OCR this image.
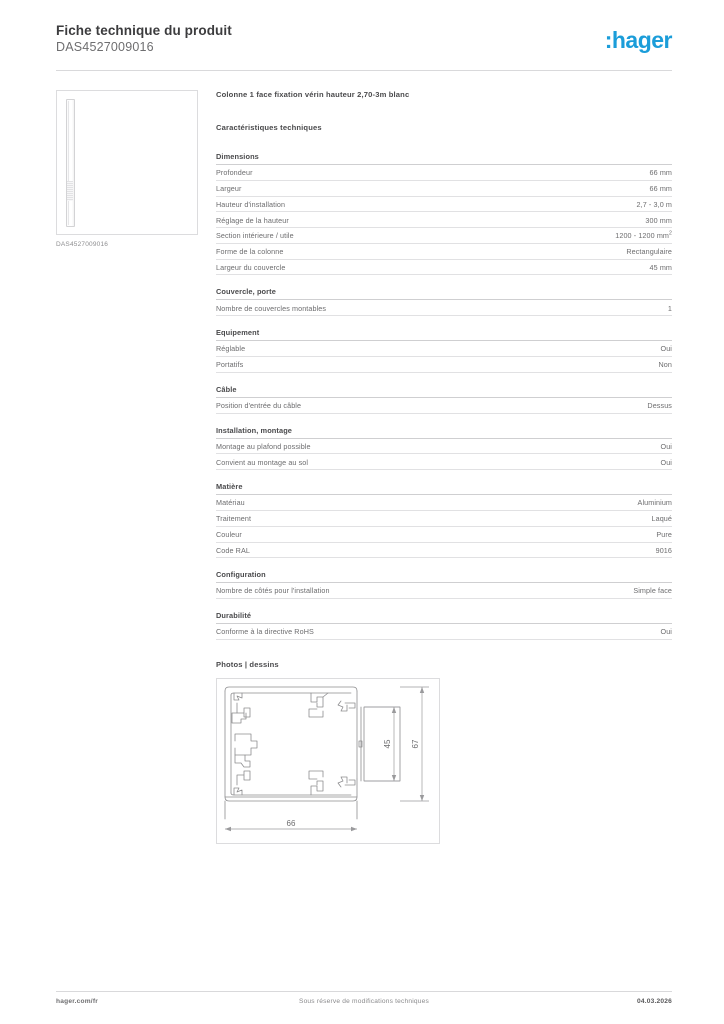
Fiche technique du produit
DAS4527009016	:hager
DAS4527009016
Colonne 1 face fixation vérin hauteur 2,70-3m blanc
Caractéristiques techniques
Dimensions
Profondeur	66 mm
Largeur	66 mm
Hauteur d'installation	2,7 - 3,0 m
Réglage de la hauteur	300 mm
Section intérieure / utile	1200 - 1200 $mm^2$
Forme de la colonne	Rectangulaire
Largeur du couvercle	45 mm
Couvercle, porte
Nombre de couvercles montables	1
Equipement
Réglable	Oui
Portatifs	Non
Câble
Position d'entrée du câble	Dessus
Installation, montage
Montage au plafond possible	Oui
Convient au montage au sol	Oui
Matière
Matériau	Aluminium
Traitement	Laqué
Couleur	Pure
Code RAL	9016
Configuration
Nombre de côtés pour l'installation	Simple face
Durabilité
Conforme à la directive RoHS	Oui
Photos | dessins
66
45 67
hager.com/fr	Sous réserve de modifications techniques	04.03.2026
